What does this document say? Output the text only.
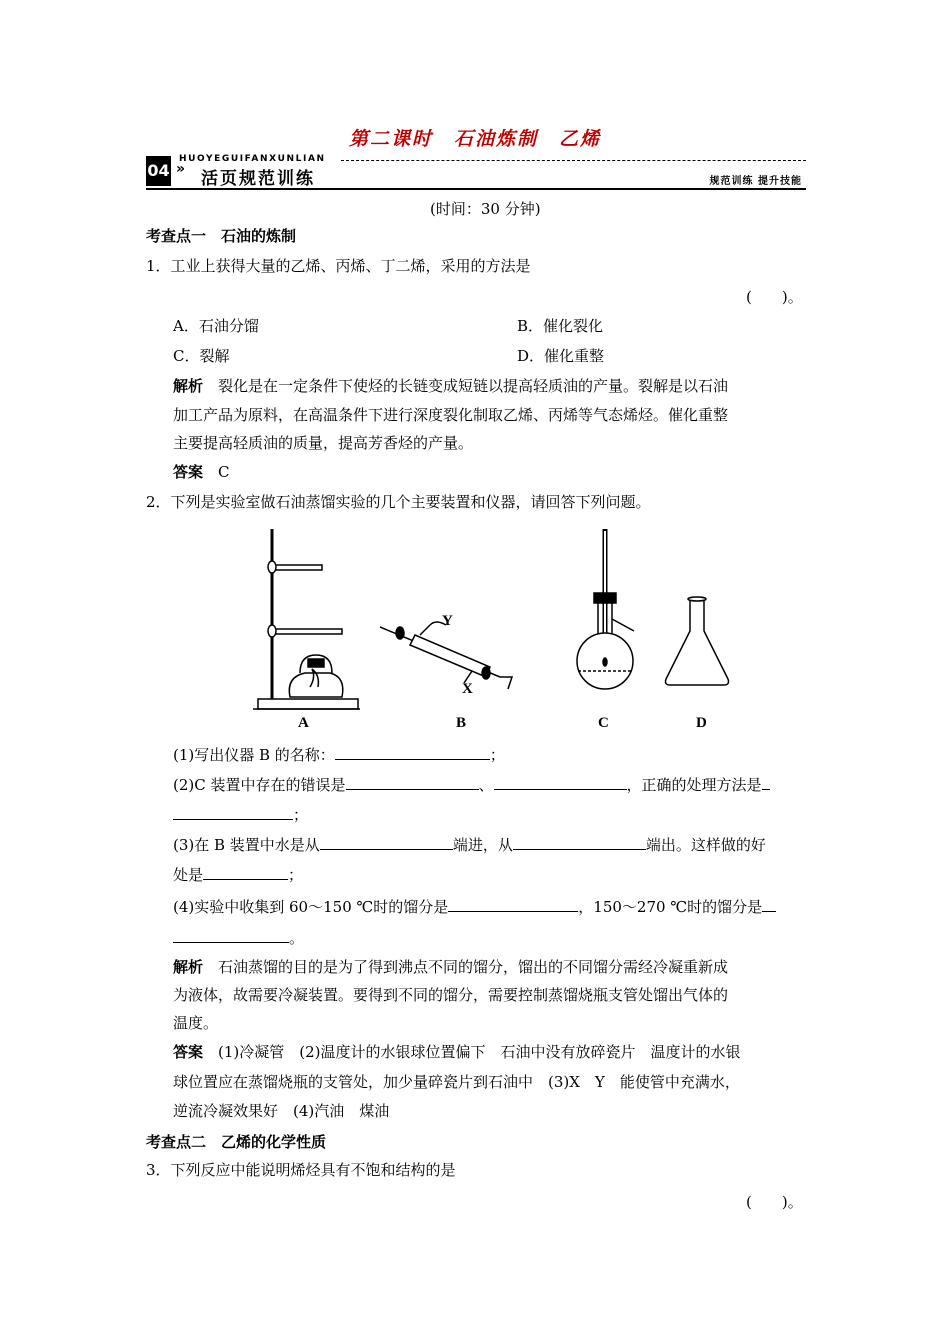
第二课时　石油炼制　乙烯
04 »
HUOYEGUIFANXUNLIAN
活页规范训练	规范训练 提升技能
(时间：30 分钟)
考查点一　石油的炼制
1．工业上获得大量的乙烯、丙烯、丁二烯，采用的方法是
(　　)。
A．石油分馏	B．催化裂化
C．裂解	D．催化重整
解析　 裂化是在一定条件下使烃的长链变成短链以提高轻质油的产量。裂解是以石油
加工产品为原料，在高温条件下进行深度裂化制取乙烯、丙烯等气态烯烃。催化重整
主要提高轻质油的质量，提高芳香烃的产量。
答案　 C
2．下列是实验室做石油蒸馏实验的几个主要装置和仪器，请回答下列问题。
Y
X
A	B	C	D
(1)写出仪器 B 的名称：	；
(2)C 装置中存在的错误是	、	，正确的处理方法是
；
(3)在 B 装置中水是从	端进，从	端出。这样做的好
处是	；
(4)实验中收集到 60～150 ℃时的馏分是	，150～270 ℃时的馏分是
。
解析　 石油蒸馏的目的是为了得到沸点不同的馏分，馏出的不同馏分需经冷凝重新成
为液体，故需要冷凝装置。要得到不同的馏分，需要控制蒸馏烧瓶支管处馏出气体的
温度。
答案　 (1)冷凝管　(2)温度计的水银球位置偏下　石油中没有放碎瓷片　温度计的水银
球位置应在蒸馏烧瓶的支管处，加少量碎瓷片到石油中　(3)X　Y　能使管中充满水，
逆流冷凝效果好　(4)汽油　煤油
考查点二　乙烯的化学性质
3．下列反应中能说明烯烃具有不饱和结构的是
(　　)。
